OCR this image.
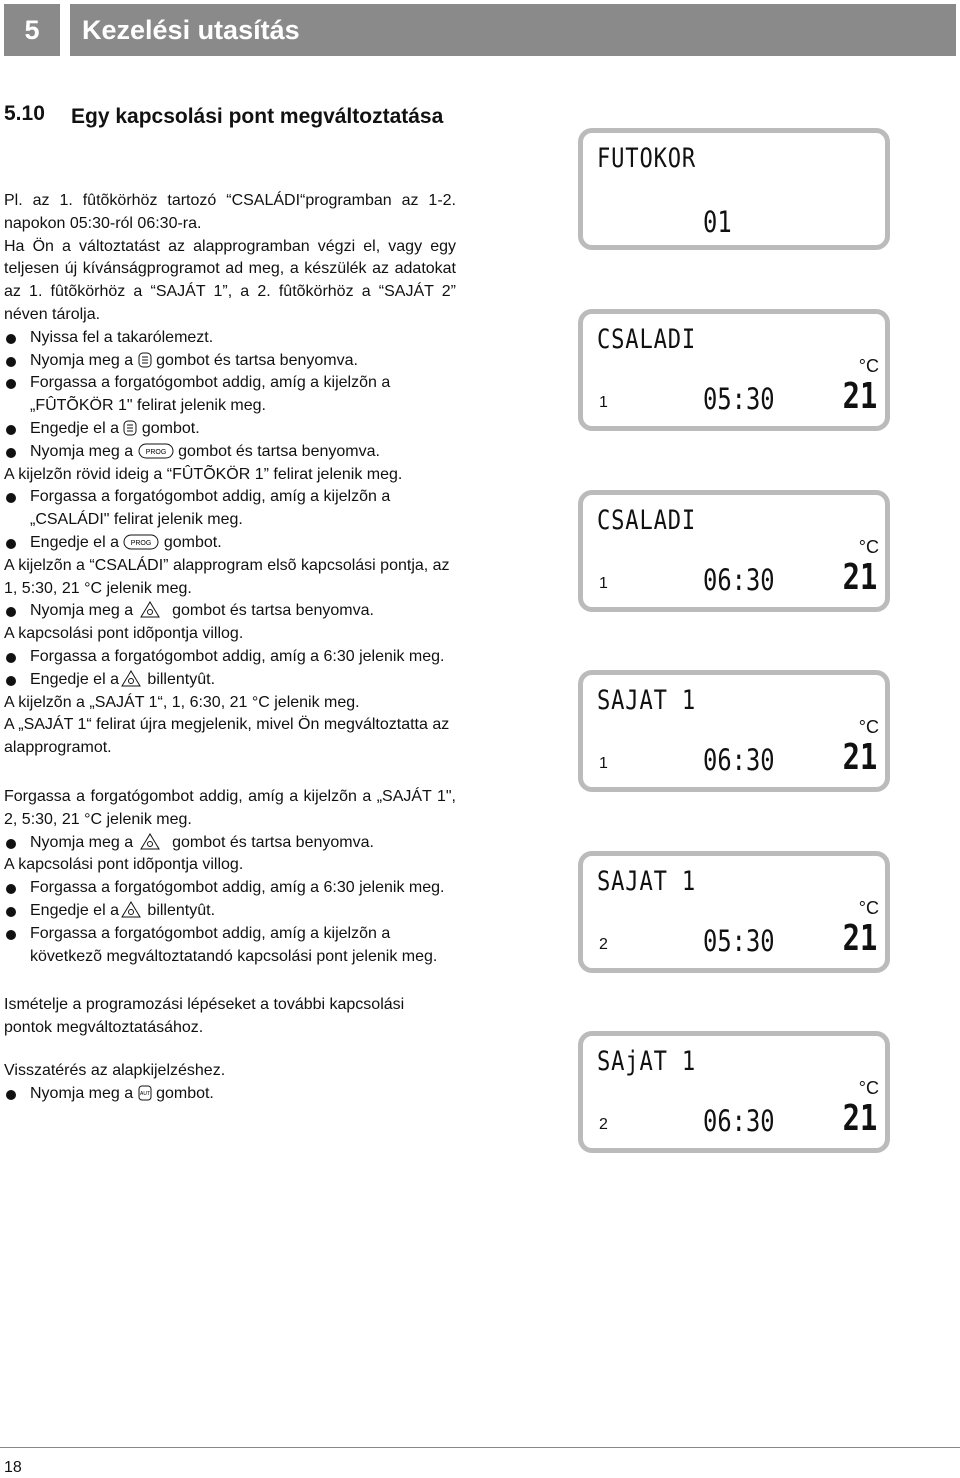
5	Kezelési utasítás
5.10 Egy kapcsolási pont megváltoztatása

Pl. az 1. fûtõkörhöz tartozó “CSALÁDI“programban az 1-2. napokon 05:30-ról 06:30-ra.

Ha Ön a változtatást az alapprogramban végzi el, vagy egy teljesen új kívánságprogramot ad meg, a készülék az adatokat az 1. fûtõkörhöz a “SAJÁT 1”, a 2. fûtõkörhöz a “SAJÁT 2” néven tárolja.

Nyissa fel a takarólemezt.

Nyomja meg a gombot és tartsa benyomva.

Forgassa a forgatógombot addig, amíg a kijelzõn a „FÛTÕKÖR 1" felirat jelenik meg.

Engedje el a gombot.

Nyomja meg a PROG gombot és tartsa benyomva.

A kijelzõn rövid ideig a “FÛTÕKÖR 1” felirat jelenik meg.

Forgassa a forgatógombot addig, amíg a kijelzõn a „CSALÁDI" felirat jelenik meg.

Engedje el a PROG gombot.

A kijelzõn a “CSALÁDI” alapprogram elsõ kapcsolási pontja, az 1, 5:30, 21 °C jelenik meg.

Nyomja meg a gombot és tartsa benyomva.

A kapcsolási pont idõpontja villog.

Forgassa a forgatógombot addig, amíg a 6:30 jelenik meg.

Engedje el a billentyût.

A kijelzõn a „SAJÁT 1“, 1, 6:30, 21 °C jelenik meg.

A „SAJÁT 1“ felirat újra megjelenik, mivel Ön megváltoztatta az alapprogramot.

Forgassa a forgatógombot addig, amíg a kijelzõn a „SAJÁT 1", 2, 5:30, 21 °C jelenik meg.

Nyomja meg a gombot és tartsa benyomva.

A kapcsolási pont idõpontja villog.

Forgassa a forgatógombot addig, amíg a 6:30 jelenik meg.

Engedje el a billentyût.

Forgassa a forgatógombot addig, amíg a kijelzõn a következõ megváltoztatandó kapcsolási pont jelenik meg.

Ismételje a programozási lépéseket a további kapcsolási pontok megváltoztatásához.

Visszatérés az alapkijelzéshez.

Nyomja meg a AUT gombot.

FUTOKOR
01
CSALADI
°C
1	05:30 21
CSALADI
°C
1	06:30 21
SAJAT 1
°C
1	06:30 21
SAJAT 1
°C
2	05:30 21
SAjAT 1
°C
2	06:30 21
18
